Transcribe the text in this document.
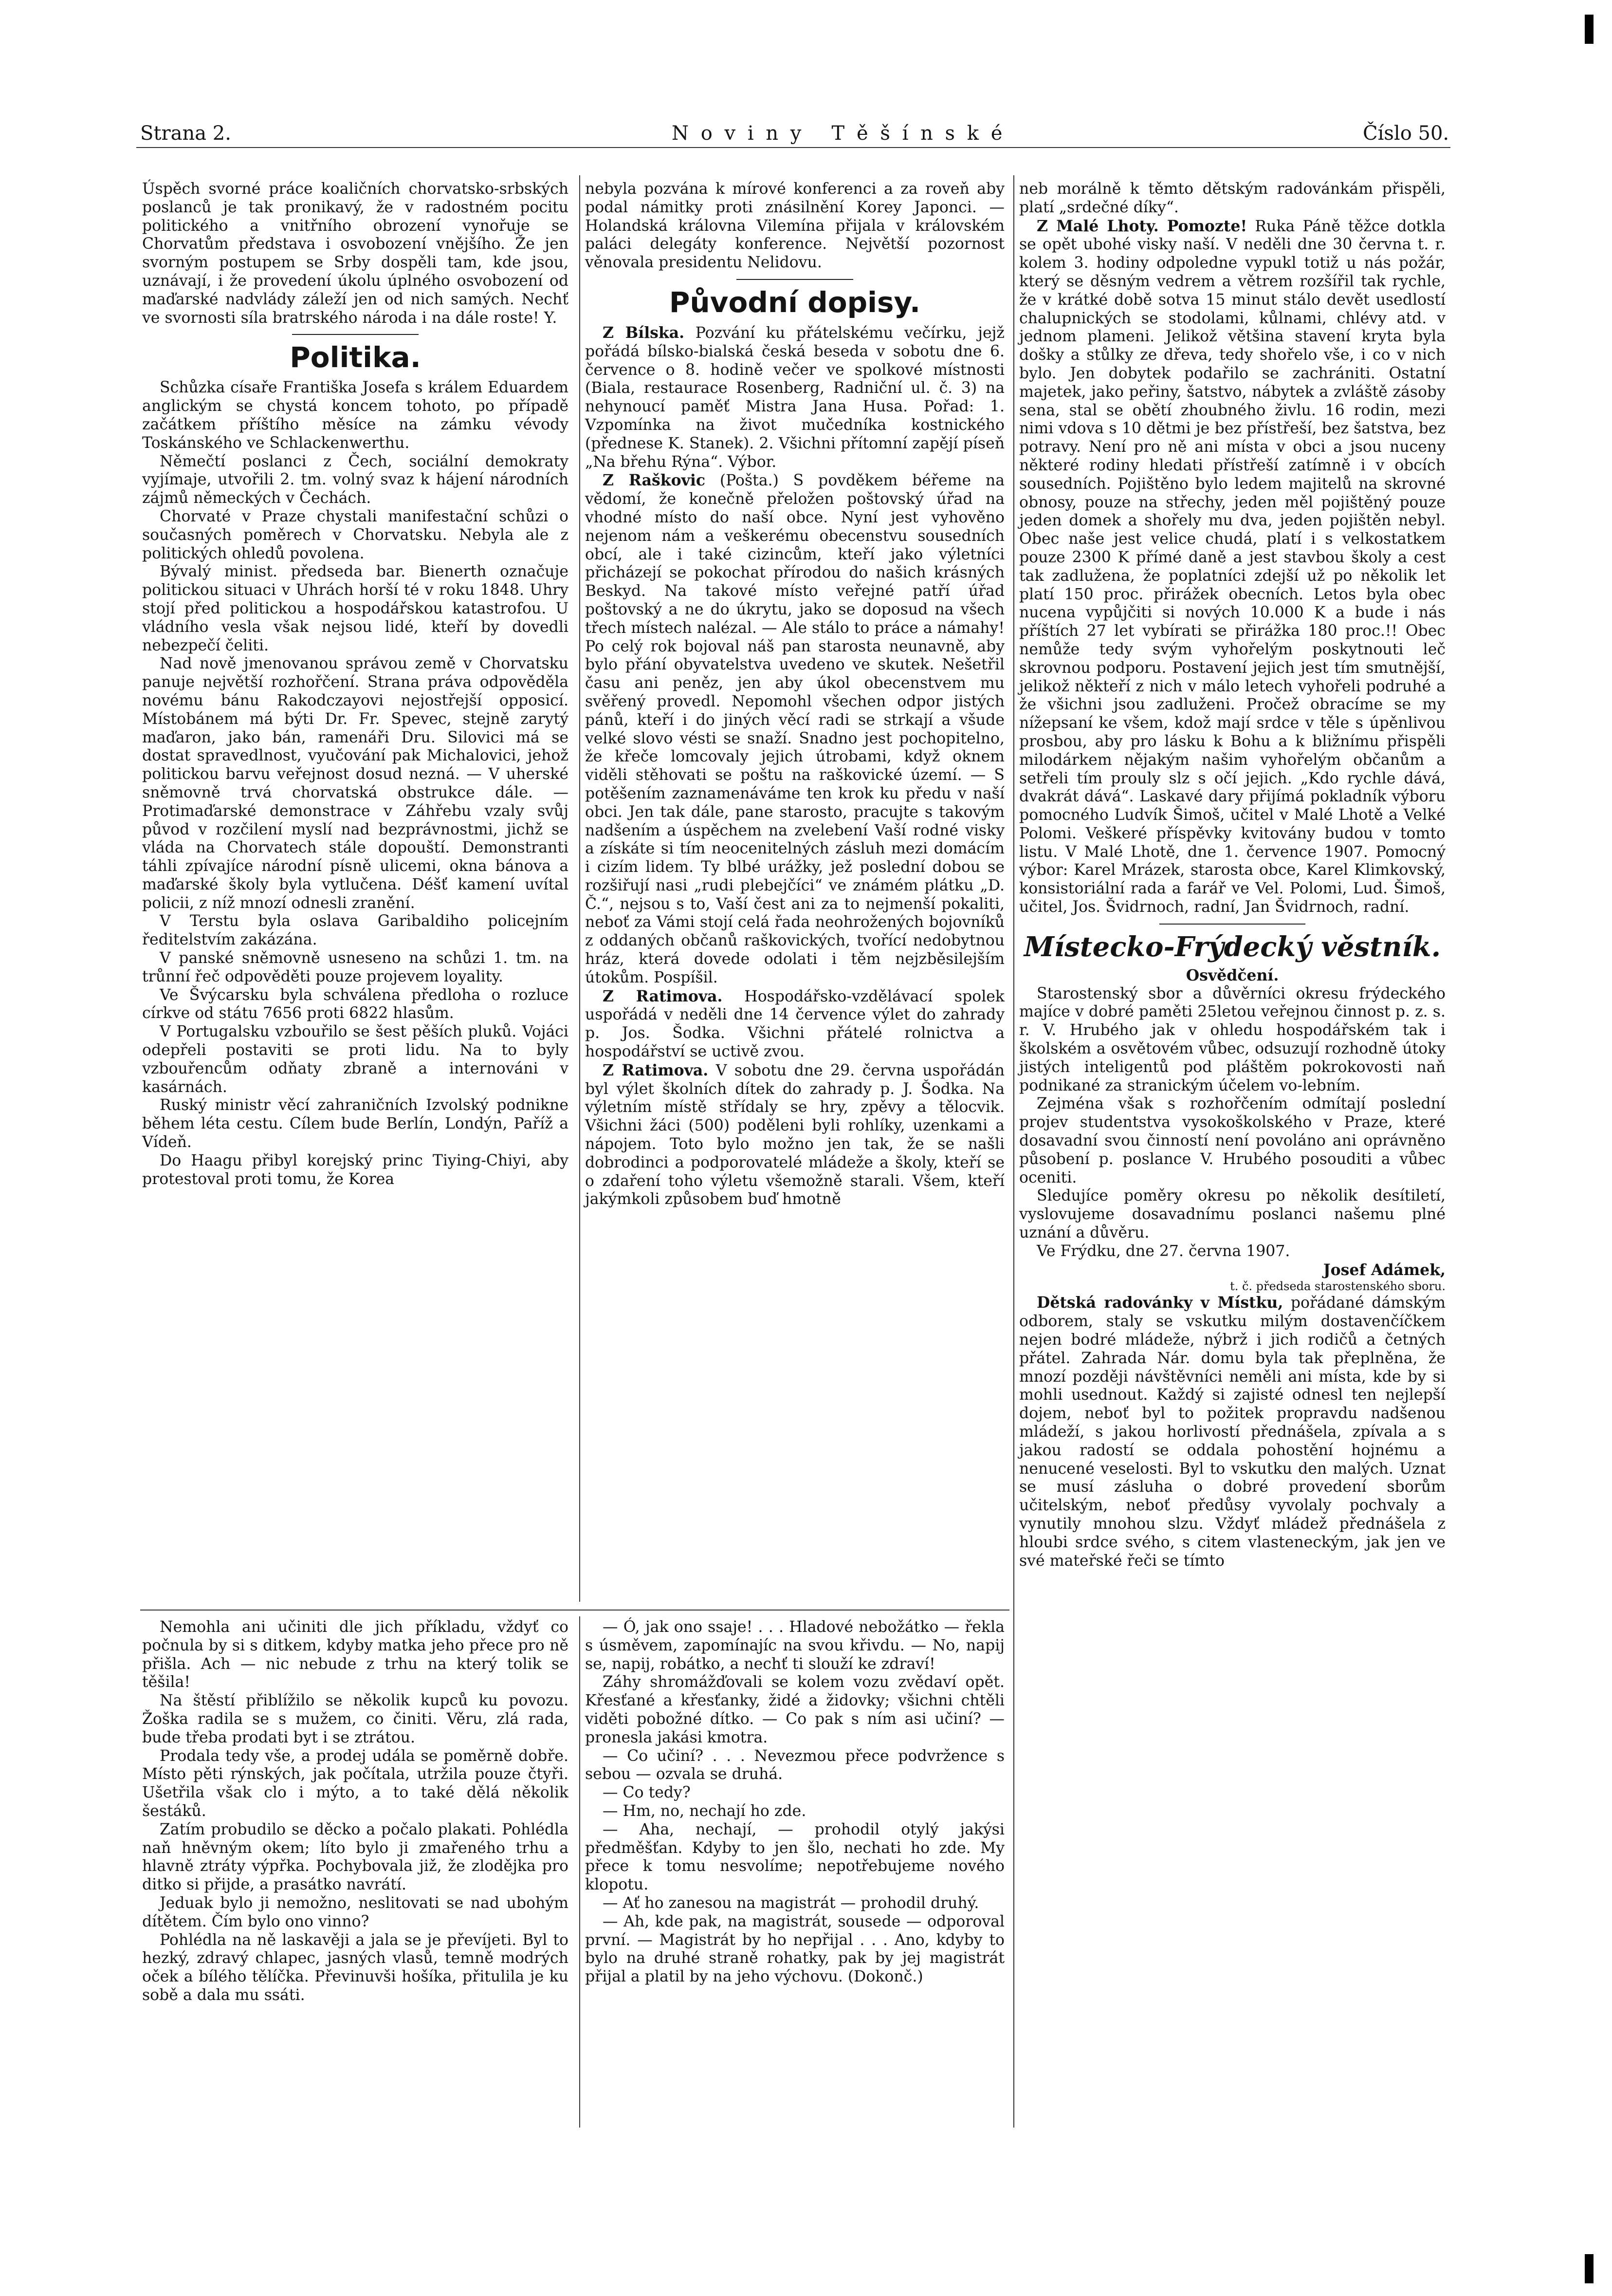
Strana 2.	N o v i n y   T ě š í n s k é	Číslo 50.

Úspěch svorné práce koaličních chorvatsko-srbských poslanců je tak pronikavý, že v radostném pocitu politického a vnitřního obrození vynořuje se Chorvatům představa i osvobození vnějšího. Že jen svorným postupem se Srby dospěli tam, kde jsou, uznávají, i že provedení úkolu úplného osvobození od maďarské nadvlády záleží jen od nich samých. Nechť ve svornosti síla bratrského národa i na dále roste! Y.

Politika.

Schůzka císaře Františka Josefa s králem Eduardem anglickým se chystá koncem tohoto, po případě začátkem příštího měsíce na zámku vévody Toskánského ve Schlackenwerthu.

Němečtí poslanci z Čech, sociální demokraty vyjímaje, utvořili 2. tm. volný svaz k hájení národních zájmů německých v Čechách.

Chorvaté v Praze chystali manifestační schůzi o současných poměrech v Chorvatsku. Nebyla ale z politických ohledů povolena.

Bývalý minist. předseda bar. Bienerth označuje politickou situaci v Uhrách horší té v roku 1848. Uhry stojí před politickou a hospodářskou katastrofou. U vládního vesla však nejsou lidé, kteří by dovedli nebezpečí čeliti.

Nad nově jmenovanou správou země v Chorvatsku panuje největší rozhořčení. Strana práva odpověděla novému bánu Rakodczayovi nejostřejší opposicí. Místobánem má býti Dr. Fr. Spevec, stejně zarytý maďaron, jako bán, ramenáři Dru. Silovici má se dostat spravedlnost, vyučování pak Michalovici, jehož politickou barvu veřejnost dosud nezná. — V uherské sněmovně trvá chorvatská obstrukce dále. — Protimaďarské demonstrace v Záhřebu vzaly svůj původ v rozčilení myslí nad bezprávnostmi, jichž se vláda na Chorvatech stále dopouští. Demonstranti táhli zpívajíce národní písně ulicemi, okna bánova a maďarské školy byla vytlučena. Déšť kamení uvítal policii, z níž mnozí odnesli zranění.

V Terstu byla oslava Garibaldiho policejním ředitelstvím zakázána.

V panské sněmovně usneseno na schůzi 1. tm. na trůnní řeč odpověděti pouze projevem loyality.

Ve Švýcarsku byla schválena předloha o rozluce církve od státu 7656 proti 6822 hlasům.

V Portugalsku vzbouřilo se šest pěších pluků. Vojáci odepřeli postaviti se proti lidu. Na to byly vzbouřencům odňaty zbraně a internováni v kasárnách.

Ruský ministr věcí zahraničních Izvolský podnikne během léta cestu. Cílem bude Berlín, Londýn, Paříž a Vídeň.

Do Haagu přibyl korejský princ Tiying-Chiyi, aby protestoval proti tomu, že Korea

nebyla pozvána k mírové konferenci a za roveň aby podal námitky proti znásilnění Korey Japonci. — Holandská královna Vilemína přijala v královském paláci delegáty konference. Největší pozornost věnovala presidentu Nelidovu.

Původní dopisy.

Z Bílska. Pozvání ku přátelskému večírku, jejž pořádá bílsko-bialská česká beseda v sobotu dne 6. července o 8. hodině večer ve spolkové místnosti (Biala, restaurace Rosenberg, Radniční ul. č. 3) na nehynoucí paměť Mistra Jana Husa. Pořad: 1. Vzpomínka na život mučedníka kostnického (přednese K. Stanek). 2. Všichni přítomní zapějí píseň „Na břehu Rýna“. Výbor.

Z Raškovic (Pošta.) S povděkem béřeme na vědomí, že konečně přeložen poštovský úřad na vhodné místo do naší obce. Nyní jest vyhověno nejenom nám a veškerému obecenstvu sousedních obcí, ale i také cizincům, kteří jako výletníci přicházejí se pokochat přírodou do našich krásných Beskyd. Na takové místo veřejné patří úřad poštovský a ne do úkrytu, jako se doposud na všech třech místech nalézal. — Ale stálo to práce a námahy! Po celý rok bojoval náš pan starosta neunavně, aby bylo přání obyvatelstva uvedeno ve skutek. Nešetřil času ani peněz, jen aby úkol obecenstvem mu svěřený provedl. Nepomohl všechen odpor jistých pánů, kteří i do jiných věcí radi se strkají a všude velké slovo vésti se snaží. Snadno jest pochopitelno, že křeče lomcovaly jejich útrobami, když oknem viděli stěhovati se poštu na raškovické území. — S potěšením zaznamenáváme ten krok ku předu v naší obci. Jen tak dále, pane starosto, pracujte s takovým nadšením a úspěchem na zvelebení Vaší rodné visky a získáte si tím neocenitelných zásluh mezi domácím i cizím lidem. Ty blbé urážky, jež poslední dobou se rozšiřují nasi „rudi plebejčíci“ ve známém plátku „D. Č.“, nejsou s to, Vaší čest ani za to nejmenší pokaliti, neboť za Vámi stojí celá řada neohrožených bojovníků z oddaných občanů raškovických, tvořící nedobytnou hráz, která dovede odolati i těm nejzběsilejším útokům. Pospíšil.

Z Ratimova. Hospodářsko-vzdělávací spolek uspořádá v neděli dne 14 července výlet do zahrady p. Jos. Šodka. Všichni přátelé rolnictva a hospodářství se uctivě zvou.

Z Ratimova. V sobotu dne 29. června uspořádán byl výlet školních dítek do zahrady p. J. Šodka. Na výletním místě střídaly se hry, zpěvy a tělocvik. Všichni žáci (500) poděleni byli rohlíky, uzenkami a nápojem. Toto bylo možno jen tak, že se našli dobrodinci a podporovatelé mládeže a školy, kteří se o zdaření toho výletu všemožně starali. Všem, kteří jakýmkoli způsobem buď hmotně

neb morálně k těmto dětským radovánkám přispěli, platí „srdečné díky“.

Z Malé Lhoty. Pomozte! Ruka Páně těžce dotkla se opět ubohé visky naší. V neděli dne 30 června t. r. kolem 3. hodiny odpoledne vypukl totiž u nás požár, který se děsným vedrem a větrem rozšířil tak rychle, že v krátké době sotva 15 minut stálo devět usedlostí chalupnických se stodolami, kůlnami, chlévy atd. v jednom plameni. Jelikož většina stavení kryta byla došky a stůlky ze dřeva, tedy shořelo vše, i co v nich bylo. Jen dobytek podařilo se zachrániti. Ostatní majetek, jako peřiny, šatstvo, nábytek a zvláště zásoby sena, stal se obětí zhoubného živlu. 16 rodin, mezi nimi vdova s 10 dětmi je bez přístřeší, bez šatstva, bez potravy. Není pro ně ani místa v obci a jsou nuceny některé rodiny hledati přístřeší zatímně i v obcích sousedních. Pojištěno bylo ledem majitelů na skrovné obnosy, pouze na střechy, jeden měl pojištěný pouze jeden domek a shořely mu dva, jeden pojištěn nebyl. Obec naše jest velice chudá, platí i s velkostatkem pouze 2300 K přímé daně a jest stavbou školy a cest tak zadlužena, že poplatníci zdejší už po několik let platí 150 proc. přirážek obecních. Letos byla obec nucena vypůjčiti si nových 10.000 K a bude i nás příštích 27 let vybírati se přirážka 180 proc.!! Obec nemůže tedy svým vyhořelým poskytnouti leč skrovnou podporu. Postavení jejich jest tím smutnější, jelikož někteří z nich v málo letech vyhořeli podruhé a že všichni jsou zadluženi. Pročež obracíme se my nížepsaní ke všem, kdož mají srdce v těle s úpěnlivou prosbou, aby pro lásku k Bohu a k bližnímu přispěli milodárkem nějakým našim vyhořelým občanům a setřeli tím prouly slz s očí jejich. „Kdo rychle dává, dvakrát dává“. Laskavé dary přijímá pokladník výboru pomocného Ludvík Šimoš, učitel v Malé Lhotě a Velké Polomi. Veškeré příspěvky kvitovány budou v tomto listu. V Malé Lhotě, dne 1. července 1907. Pomocný výbor: Karel Mrázek, starosta obce, Karel Klimkovský, konsistoriální rada a farář ve Vel. Polomi, Lud. Šimoš, učitel, Jos. Švidrnoch, radní, Jan Švidrnoch, radní.

Místecko-Frýdecký věstník.
Osvědčení.

Starostenský sbor a důvěrníci okresu frýdeckého majíce v dobré paměti 25letou veřejnou činnost p. z. s. r. V. Hrubého jak v ohledu hospodářském tak i školském a osvětovém vůbec, odsuzují rozhodně útoky jistých inteligentů pod pláštěm pokrokovosti naň podnikané za stranickým účelem vo-lebním.

Zejména však s rozhořčením odmítají poslední projev studentstva vysokoškolského v Praze, které dosavadní svou činností není povoláno ani oprávněno působení p. poslance V. Hrubého posouditi a vůbec oceniti.

Sledujíce poměry okresu po několik desítiletí, vyslovujeme dosavadnímu poslanci našemu plné uznání a důvěru.

Ve Frýdku, dne 27. června 1907.

Josef Adámek,
t. č. předseda starostenského sboru.

Dětská radovánky v Místku, pořádané dámským odborem, staly se vskutku milým dostavenčíčkem nejen bodré mládeže, nýbrž i jich rodičů a četných přátel. Zahrada Nár. domu byla tak přeplněna, že mnozí později návštěvníci neměli ani místa, kde by si mohli usednout. Každý si zajisté odnesl ten nejlepší dojem, neboť byl to požitek propravdu nadšenou mládeží, s jakou horlivostí přednášela, zpívala a s jakou radostí se oddala pohostění hojnému a nenucené veselosti. Byl to vskutku den malých. Uznat se musí zásluha o dobré provedení sborům učitelským, neboť předůsy vyvolaly pochvaly a vynutily mnohou slzu. Vždyť mládež přednášela z hloubi srdce svého, s citem vlasteneckým, jak jen ve své mateřské řeči se tímto

Nemohla ani učiniti dle jich příkladu, vždyť co počnula by si s ditkem, kdyby matka jeho přece pro ně přišla. Ach — nic nebude z trhu na který tolik se těšila!

Na štěstí přiblížilo se několik kupců ku povozu. Žoška radila se s mužem, co činiti. Věru, zlá rada, bude třeba prodati byt i se ztrátou.

Prodala tedy vše, a prodej udála se poměrně dobře. Místo pěti rýnských, jak počítala, utržila pouze čtyři. Ušetřila však clo i mýto, a to také dělá několik šestáků.

Zatím probudilo se děcko a počalo plakati. Pohlédla naň hněvným okem; líto bylo ji zmařeného trhu a hlavně ztráty výpřka. Pochybovala již, že zlodějka pro ditko si přijde, a prasátko navrátí.

Jeduak bylo ji nemožno, neslitovati se nad ubohým dítětem. Čím bylo ono vinno?

Pohlédla na ně laskavěji a jala se je převíjeti. Byl to hezký, zdravý chlapec, jasných vlasů, temně modrých oček a bílého tělíčka. Převinuvši hošíka, přitulila je ku sobě a dala mu ssáti.

— Ó, jak ono ssaje! . . . Hladové nebožátko — řekla s úsměvem, zapomínajíc na svou křivdu. — No, napij se, napij, robátko, a nechť ti slouží ke zdraví!

Záhy shromážďovali se kolem vozu zvědaví opět. Křesťané a křesťanky, židé a židovky; všichni chtěli viděti pobožné dítko. — Co pak s ním asi učiní? — pronesla jakási kmotra.

— Co učiní? . . . Nevezmou přece podvržence s sebou — ozvala se druhá.

— Co tedy?

— Hm, no, nechají ho zde.

— Aha, nechají, — prohodil otylý jakýsi předměšťan. Kdyby to jen šlo, nechati ho zde. My přece k tomu nesvolíme; nepotřebujeme nového klopotu.

— Ať ho zanesou na magistrát — prohodil druhý.

— Ah, kde pak, na magistrát, sousede — odporoval první. — Magistrát by ho nepřijal . . . Ano, kdyby to bylo na druhé straně rohatky, pak by jej magistrát přijal a platil by na jeho výchovu. (Dokonč.)
